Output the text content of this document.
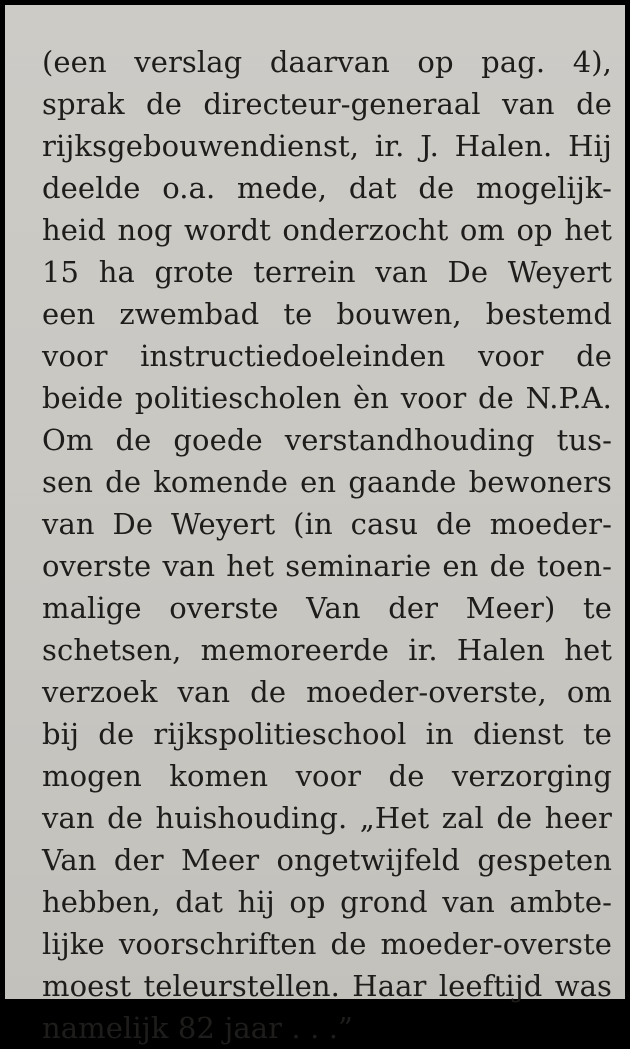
(een verslag daarvan op pag. 4),
sprak de directeur-generaal van de
rijksgebouwendienst, ir. J. Halen. Hij
deelde o.a. mede, dat de mogelijk-
heid nog wordt onderzocht om op het
15 ha grote terrein van De Weyert
een zwembad te bouwen, bestemd
voor instructiedoeleinden voor de
beide politiescholen èn voor de N.P.A.
Om de goede verstandhouding tus-
sen de komende en gaande bewoners
van De Weyert (in casu de moeder-
overste van het seminarie en de toen-
malige overste Van der Meer) te
schetsen, memoreerde ir. Halen het
verzoek van de moeder-overste, om
bij de rijkspolitieschool in dienst te
mogen komen voor de verzorging
van de huishouding. „Het zal de heer
Van der Meer ongetwijfeld gespeten
hebben, dat hij op grond van ambte-
lijke voorschriften de moeder-overste
moest teleurstellen. Haar leeftijd was
namelijk 82 jaar . . .”
